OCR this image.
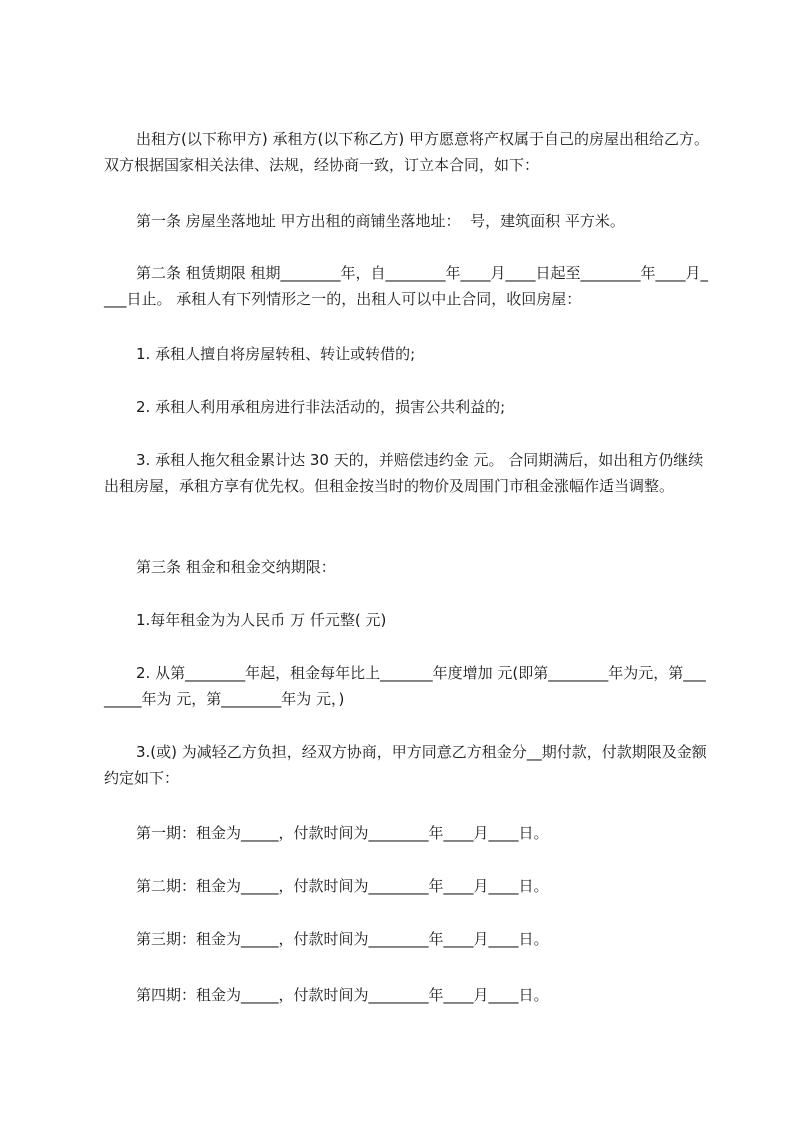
出租方(以下称甲方) 承租方(以下称乙方) 甲方愿意将产权属于自己的房屋出租给乙方。双方根据国家相关法律、法规，经协商一致，订立本合同，如下：

第一条 房屋坐落地址 甲方出租的商铺坐落地址：  号，建筑面积 平方米。

第二条 租赁期限 租期________年，自________年____月____日起至________年____月____日止。 承租人有下列情形之一的，出租人可以中止合同，收回房屋：

1. 承租人擅自将房屋转租、转让或转借的;

2. 承租人利用承租房进行非法活动的，损害公共利益的;

3. 承租人拖欠租金累计达 30 天的，并赔偿违约金 元。 合同期满后，如出租方仍继续出租房屋，承租方享有优先权。但租金按当时的物价及周围门市租金涨幅作适当调整。

第三条 租金和租金交纳期限：

1.每年租金为为人民币 万 仟元整( 元)

2. 从第________年起，租金每年比上_______年度增加 元(即第________年为元，第________年为 元，第________年为 元，)

3.(或) 为减轻乙方负担，经双方协商，甲方同意乙方租金分__期付款，付款期限及金额约定如下：

第一期：租金为_____，付款时间为________年____月____日。

第二期：租金为_____，付款时间为________年____月____日。

第三期：租金为_____，付款时间为________年____月____日。

第四期：租金为_____，付款时间为________年____月____日。
